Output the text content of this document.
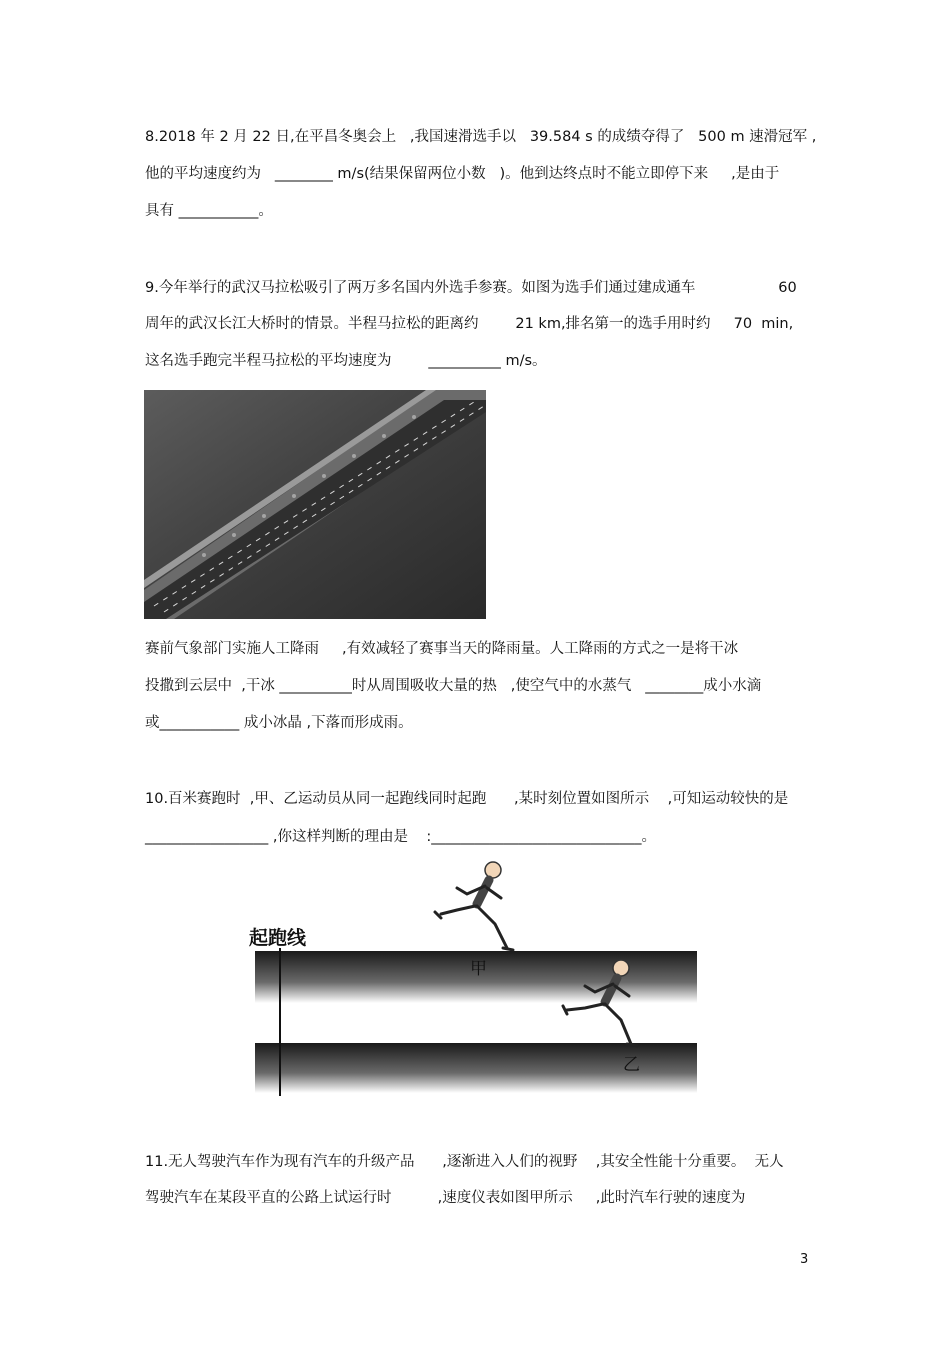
8.2018 年 2 月 22 日,在平昌冬奥会上   ,我国速滑选手以   39.584 s 的成绩夺得了   500 m 速滑冠军 ,
他的平均速度约为   ________ m/s(结果保留两位小数   )。他到达终点时不能立即停下来     ,是由于
具有 ___________。
9.今年举行的武汉马拉松吸引了两万多名国内外选手参赛。如图为选手们通过建成通车                  60
周年的武汉长江大桥时的情景。半程马拉松的距离约        21 km,排名第一的选手用时约     70  min,
这名选手跑完半程马拉松的平均速度为        __________ m/s。
赛前气象部门实施人工降雨     ,有效减轻了赛事当天的降雨量。人工降雨的方式之一是将干冰
投撒到云层中  ,干冰 __________时从周围吸收大量的热   ,使空气中的水蒸气   ________成小水滴
或___________ 成小冰晶 ,下落而形成雨。
10.百米赛跑时  ,甲、乙运动员从同一起跑线同时起跑      ,某时刻位置如图所示    ,可知运动较快的是
_________________ ,你这样判断的理由是    :_____________________________。
起跑线
甲
乙
11.无人驾驶汽车作为现有汽车的升级产品      ,逐渐进入人们的视野    ,其安全性能十分重要。  无人
驾驶汽车在某段平直的公路上试运行时          ,速度仪表如图甲所示     ,此时汽车行驶的速度为
3
